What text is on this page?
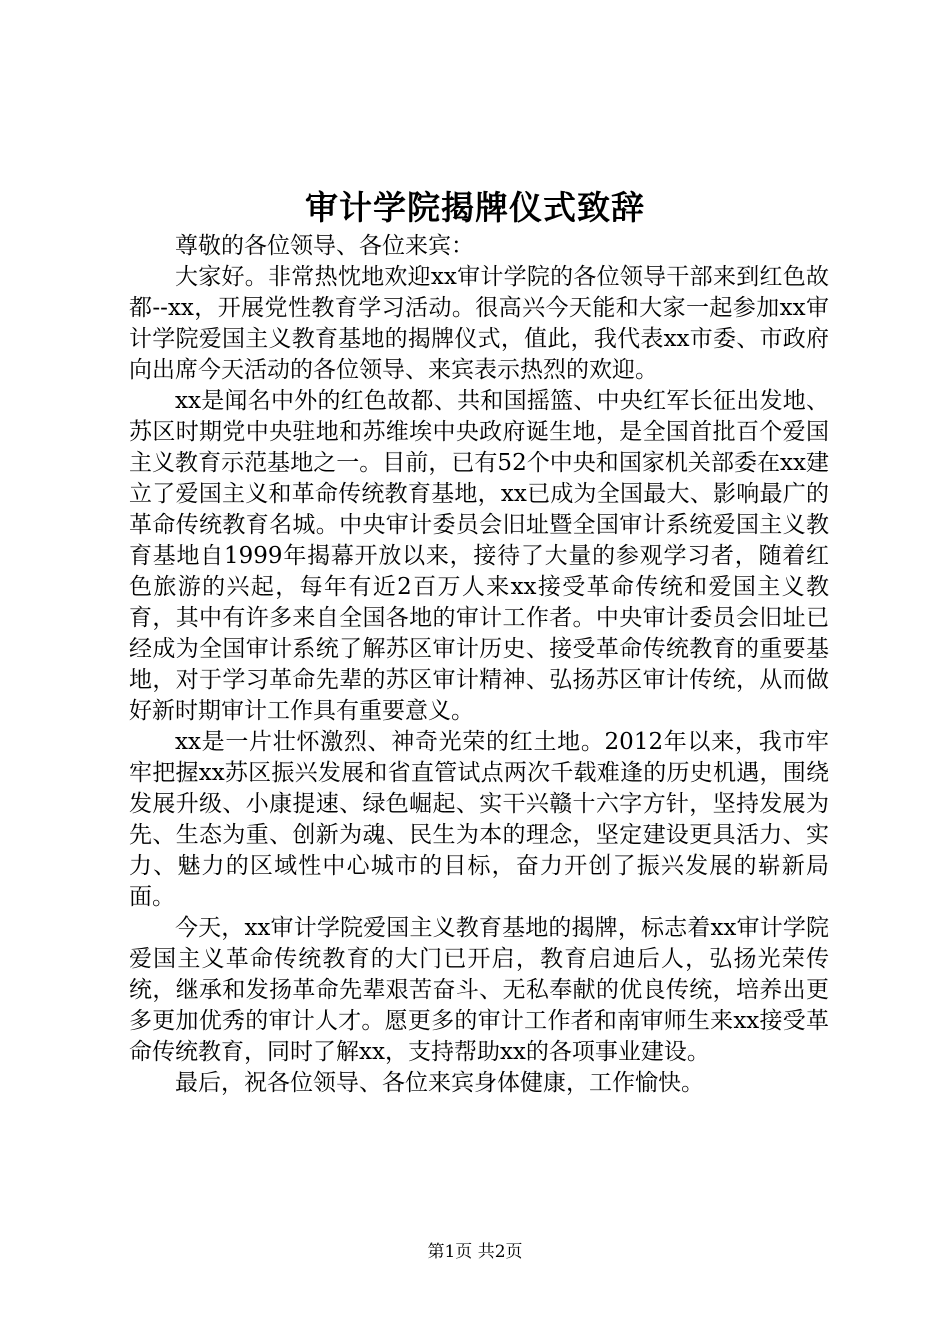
审计学院揭牌仪式致辞

尊敬的各位领导、各位来宾：

大家好。非常热忱地欢迎xx审计学院的各位领导干部来到红色故都--xx，开展党性教育学习活动。很高兴今天能和大家一起参加xx审计学院爱国主义教育基地的揭牌仪式，值此，我代表xx市委、市政府向出席今天活动的各位领导、来宾表示热烈的欢迎。

xx是闻名中外的红色故都、共和国摇篮、中央红军长征出发地、苏区时期党中央驻地和苏维埃中央政府诞生地，是全国首批百个爱国主义教育示范基地之一。目前，已有52个中央和国家机关部委在xx建立了爱国主义和革命传统教育基地，xx已成为全国最大、影响最广的革命传统教育名城。中央审计委员会旧址暨全国审计系统爱国主义教育基地自1999年揭幕开放以来，接待了大量的参观学习者，随着红色旅游的兴起，每年有近2百万人来xx接受革命传统和爱国主义教育，其中有许多来自全国各地的审计工作者。中央审计委员会旧址已经成为全国审计系统了解苏区审计历史、接受革命传统教育的重要基地，对于学习革命先辈的苏区审计精神、弘扬苏区审计传统，从而做好新时期审计工作具有重要意义。

xx是一片壮怀激烈、神奇光荣的红土地。2012年以来，我市牢牢把握xx苏区振兴发展和省直管试点两次千载难逢的历史机遇，围绕发展升级、小康提速、绿色崛起、实干兴赣十六字方针，坚持发展为先、生态为重、创新为魂、民生为本的理念，坚定建设更具活力、实力、魅力的区域性中心城市的目标，奋力开创了振兴发展的崭新局面。

今天，xx审计学院爱国主义教育基地的揭牌，标志着xx审计学院爱国主义革命传统教育的大门已开启，教育启迪后人，弘扬光荣传统，继承和发扬革命先辈艰苦奋斗、无私奉献的优良传统，培养出更多更加优秀的审计人才。愿更多的审计工作者和南审师生来xx接受革命传统教育，同时了解xx，支持帮助xx的各项事业建设。

最后，祝各位领导、各位来宾身体健康，工作愉快。

第1页 共2页
